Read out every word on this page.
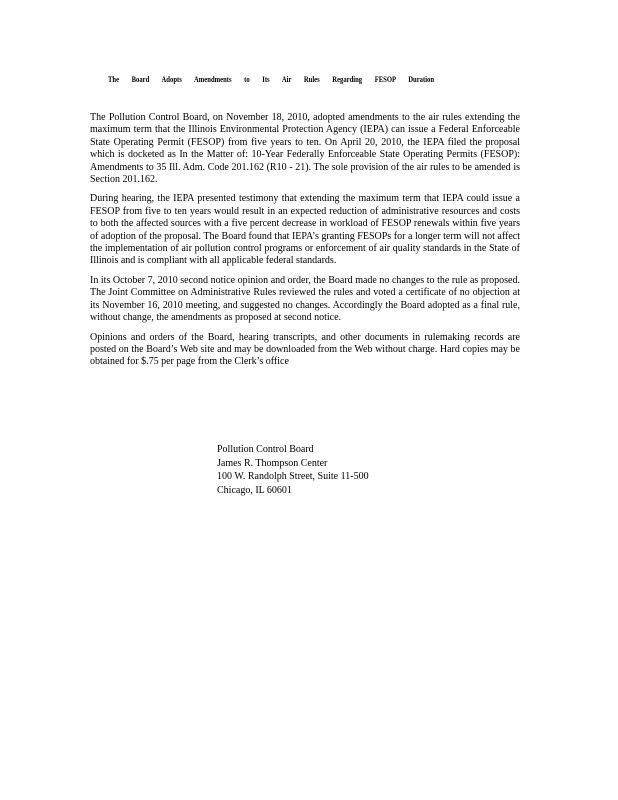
The Board Adopts Amendments to Its Air Rules Regarding FESOP Duration

The Pollution Control Board, on November 18, 2010, adopted amendments to the air rules extending the maximum term that the Illinois Environmental Protection Agency (IEPA) can issue a Federal Enforceable State Operating Permit (FESOP) from five years to ten. On April 20, 2010, the IEPA filed the proposal which is docketed as In the Matter of: 10-Year Federally Enforceable State Operating Permits (FESOP): Amendments to 35 Ill. Adm. Code 201.162 (R10 - 21). The sole provision of the air rules to be amended is Section 201.162.

During hearing, the IEPA presented testimony that extending the maximum term that IEPA could issue a FESOP from five to ten years would result in an expected reduction of administrative resources and costs to both the affected sources with a five percent decrease in workload of FESOP renewals within five years of adoption of the proposal. The Board found that IEPA’s granting FESOPs for a longer term will not affect the implementation of air pollution control programs or enforcement of air quality standards in the State of Illinois and is compliant with all applicable federal standards.

In its October 7, 2010 second notice opinion and order, the Board made no changes to the rule as proposed. The Joint Committee on Administrative Rules reviewed the rules and voted a certificate of no objection at its November 16, 2010 meeting, and suggested no changes. Accordingly the Board adopted as a final rule, without change, the amendments as proposed at second notice.

Opinions and orders of the Board, hearing transcripts, and other documents in rulemaking records are posted on the Board’s Web site and may be downloaded from the Web without charge. Hard copies may be obtained for $.75 per page from the Clerk’s office

Pollution Control Board
James R. Thompson Center
100 W. Randolph Street, Suite 11-500
Chicago, IL 60601
